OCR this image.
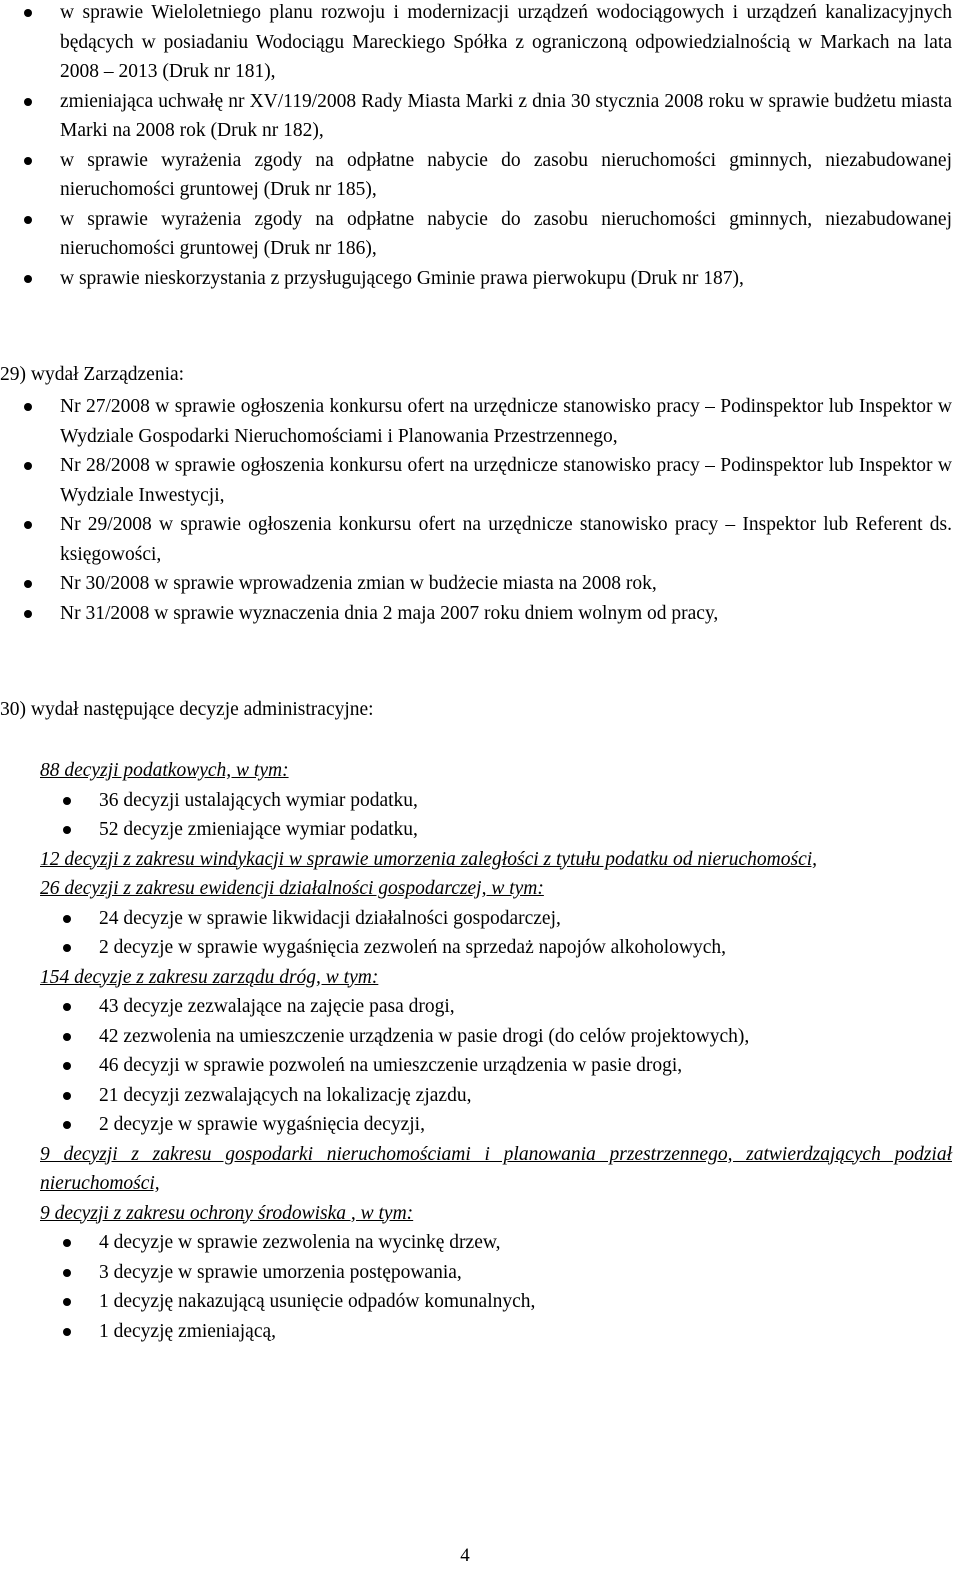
w sprawie Wieloletniego planu rozwoju i modernizacji urządzeń wodociągowych i urządzeń kanalizacyjnych będących w posiadaniu Wodociągu Mareckiego Spółka z ograniczoną odpowiedzialnością w Markach na lata 2008 – 2013 (Druk nr 181),
zmieniająca uchwałę nr XV/119/2008 Rady Miasta Marki z dnia 30 stycznia 2008 roku w sprawie budżetu miasta Marki na 2008 rok (Druk nr 182),
w sprawie wyrażenia zgody na odpłatne nabycie do zasobu nieruchomości gminnych, niezabudowanej nieruchomości gruntowej (Druk nr 185),
w sprawie wyrażenia zgody na odpłatne nabycie do zasobu nieruchomości gminnych, niezabudowanej nieruchomości gruntowej (Druk nr 186),
w sprawie nieskorzystania z przysługującego Gminie prawa pierwokupu (Druk nr 187),
29) wydał Zarządzenia:
Nr 27/2008 w sprawie ogłoszenia konkursu ofert na urzędnicze stanowisko pracy – Podinspektor lub Inspektor w Wydziale Gospodarki Nieruchomościami i Planowania Przestrzennego,
Nr 28/2008 w sprawie ogłoszenia konkursu ofert na urzędnicze stanowisko pracy – Podinspektor lub Inspektor w Wydziale Inwestycji,
Nr 29/2008 w sprawie ogłoszenia konkursu ofert na urzędnicze stanowisko pracy – Inspektor lub Referent ds. księgowości,
Nr 30/2008 w sprawie wprowadzenia zmian w budżecie miasta na 2008 rok,
Nr 31/2008 w sprawie wyznaczenia dnia 2 maja 2007 roku dniem wolnym od pracy,
30) wydał następujące decyzje administracyjne:
88 decyzji podatkowych, w tym:
36 decyzji ustalających wymiar podatku,
52 decyzje zmieniające wymiar podatku,
12 decyzji z zakresu windykacji w sprawie umorzenia zaległości z tytułu podatku od nieruchomości,
26 decyzji z zakresu ewidencji działalności gospodarczej, w tym:
24 decyzje w sprawie likwidacji działalności gospodarczej,
2 decyzje w sprawie wygaśnięcia zezwoleń na sprzedaż napojów alkoholowych,
154 decyzje z zakresu zarządu dróg, w tym:
43 decyzje zezwalające na zajęcie pasa drogi,
42 zezwolenia na umieszczenie urządzenia w pasie drogi (do celów projektowych),
46 decyzji w sprawie pozwoleń na umieszczenie urządzenia w pasie drogi,
21 decyzji zezwalających na lokalizację zjazdu,
2 decyzje w sprawie wygaśnięcia decyzji,
9 decyzji z zakresu gospodarki nieruchomościami i planowania przestrzennego, zatwierdzających podział nieruchomości,
9 decyzji z zakresu ochrony środowiska , w tym:
4 decyzje w sprawie zezwolenia na wycinkę drzew,
3 decyzje w sprawie umorzenia postępowania,
1 decyzję nakazującą usunięcie odpadów komunalnych,
1 decyzję zmieniającą,
4
